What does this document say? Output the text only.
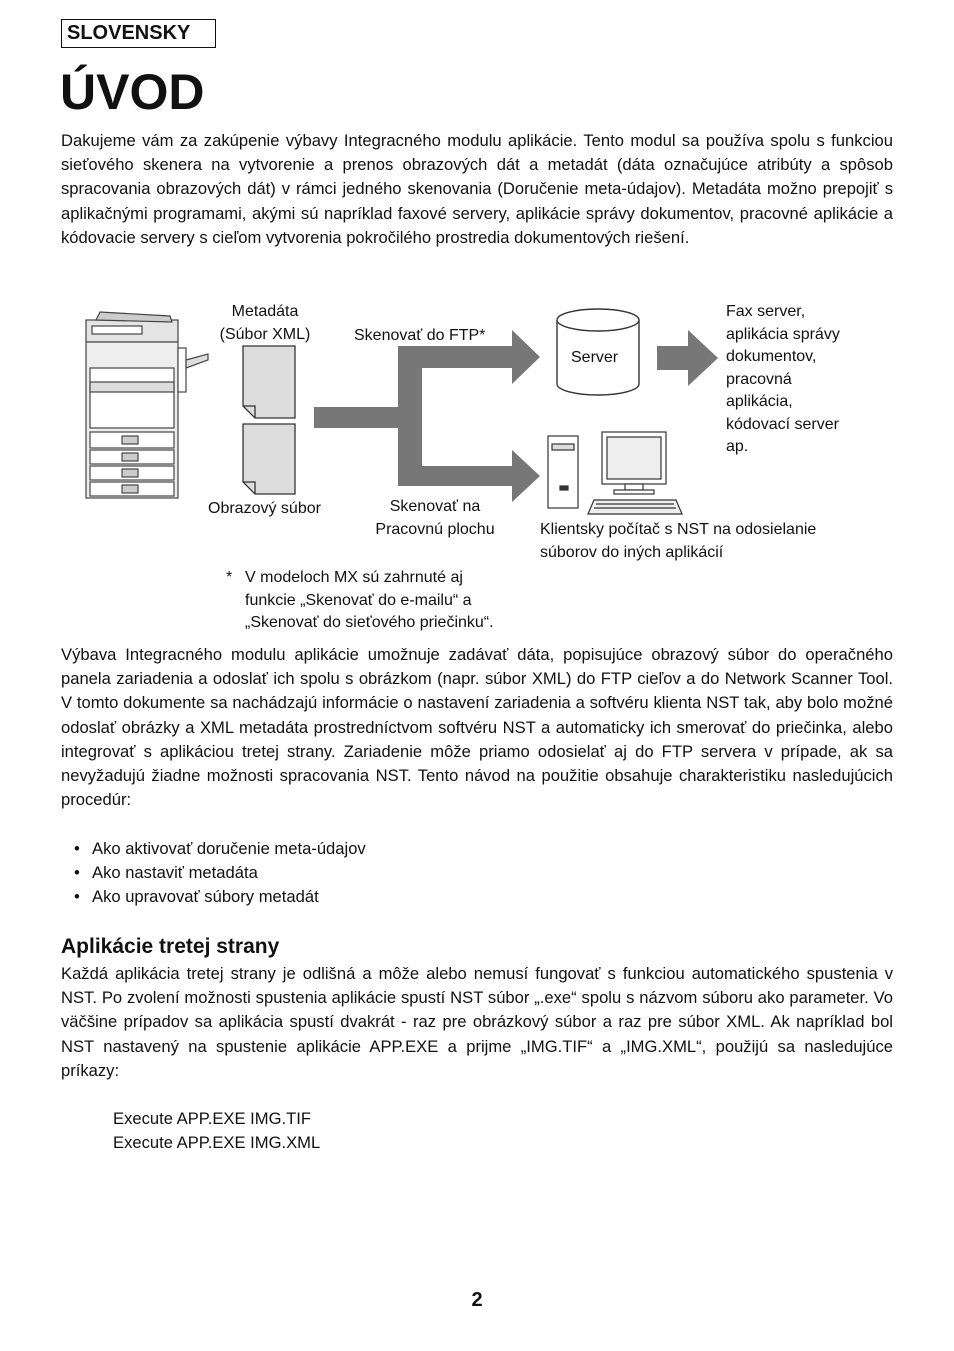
SLOVENSKY
ÚVOD

Dakujeme vám za zakúpenie výbavy Integracného modulu aplikácie. Tento modul sa používa spolu s funkciou sieťového skenera na vytvorenie a prenos obrazových dát a metadát (dáta označujúce atribúty a spôsob spracovania obrazových dát) v rámci jedného skenovania (Doručenie meta-údajov). Metadáta možno prepojiť s aplikačnými programami, akými sú napríklad faxové servery, aplikácie správy dokumentov, pracovné aplikácie a kódovacie servery s cieľom vytvorenia pokročilého prostredia dokumentových riešení.

Metadáta
(Súbor XML)
Obrazový súbor
Skenovať do FTP*
Skenovať na
Pracovnú plochu
Server
Fax server,
aplikácia správy
dokumentov,
pracovná
aplikácia,
kódovací server
ap.
Klientsky počítač s NST na odosielanie
súborov do iných aplikácií
* V modeloch MX sú zahrnuté aj
funkcie „Skenovať do e-mailu“ a
„Skenovať do sieťového priečinku“.

Výbava Integracného modulu aplikácie umožnuje zadávať dáta, popisujúce obrazový súbor do operačného panela zariadenia a odoslať ich spolu s obrázkom (napr. súbor XML) do FTP cieľov a do Network Scanner Tool. V tomto dokumente sa nachádzajú informácie o nastavení zariadenia a softvéru klienta NST tak, aby bolo možné odoslať obrázky a XML metadáta prostredníctvom softvéru NST a automaticky ich smerovať do priečinka, alebo integrovať s aplikáciou tretej strany. Zariadenie môže priamo odosielať aj do FTP servera v prípade, ak sa nevyžadujú žiadne možnosti spracovania NST. Tento návod na použitie obsahuje charakteristiku nasledujúcich procedúr:

• Ako aktivovať doručenie meta-údajov
• Ako nastaviť metadáta
• Ako upravovať súbory metadát
Aplikácie tretej strany

Každá aplikácia tretej strany je odlišná a môže alebo nemusí fungovať s funkciou automatického spustenia v NST. Po zvolení možnosti spustenia aplikácie spustí NST súbor „.exe“ spolu s názvom súboru ako parameter. Vo väčšine prípadov sa aplikácia spustí dvakrát - raz pre obrázkový súbor a raz pre súbor XML. Ak napríklad bol NST nastavený na spustenie aplikácie APP.EXE a prijme „IMG.TIF“ a „IMG.XML“, použijú sa nasledujúce príkazy:

Execute APP.EXE IMG.TIF
Execute APP.EXE IMG.XML
2
